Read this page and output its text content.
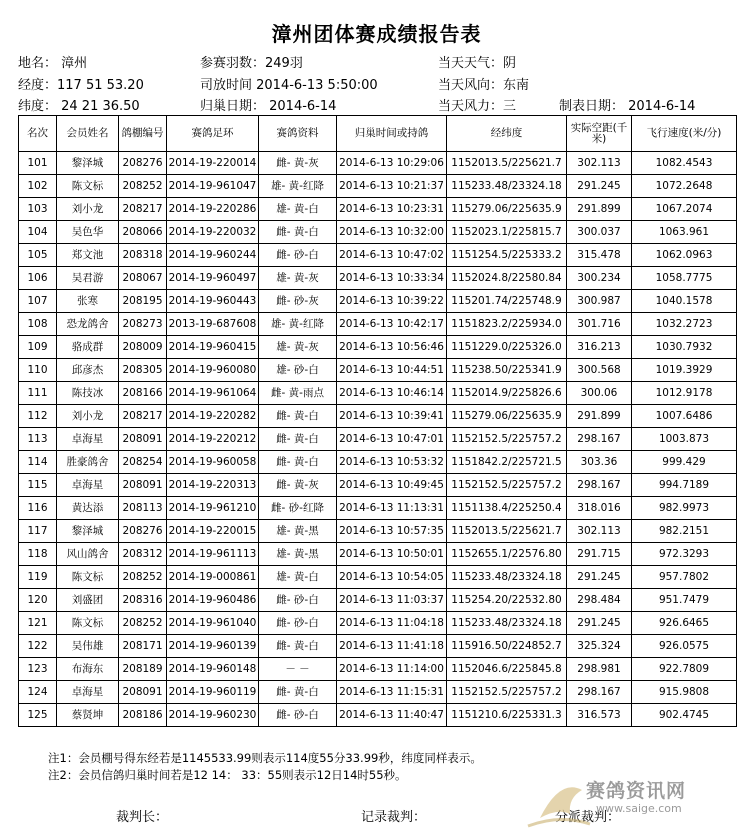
漳州团体赛成绩报告表
地名： 漳州
经度：117 51 53.20
纬度： 24 21 36.50
参赛羽数：249羽
司放时间 2014-6-13 5:50:00
归巢日期： 2014-6-14
当天天气：阴
当天风向：东南
当天风力：三	制表日期： 2014-6-14
名次	会员姓名	鸽棚编号	赛鸽足环	赛鸽资料	归巢时间或持鸽	经纬度	实际空距(千米)	飞行速度(米/分)
101	黎泽城	208276	2014-19-220014	雌- 黄-灰	2014-6-13 10:29:06	1152013.5/225621.7	302.113	1082.4543
102	陈文标	208252	2014-19-961047	雄- 黄-红降	2014-6-13 10:21:37	115233.48/23324.18	291.245	1072.2648
103	刘小龙	208217	2014-19-220286	雄- 黄-白	2014-6-13 10:23:31	115279.06/225635.9	291.899	1067.2074
104	吴色华	208066	2014-19-220032	雌- 黄-白	2014-6-13 10:32:00	1152023.1/225815.7	300.037	1063.961
105	郑文池	208318	2014-19-960244	雌- 砂-白	2014-6-13 10:47:02	1151254.5/225333.2	315.478	1062.0963
106	吴君游	208067	2014-19-960497	雄- 黄-灰	2014-6-13 10:33:34	1152024.8/22580.84	300.234	1058.7775
107	张寒	208195	2014-19-960443	雌- 砂-灰	2014-6-13 10:39:22	115201.74/225748.9	300.987	1040.1578
108	恐龙鸽舍	208273	2013-19-687608	雄- 黄-红降	2014-6-13 10:42:17	1151823.2/225934.0	301.716	1032.2723
109	骆成群	208009	2014-19-960415	雄- 黄-灰	2014-6-13 10:56:46	1151229.0/225326.0	316.213	1030.7932
110	邱彦杰	208305	2014-19-960080	雄- 砂-白	2014-6-13 10:44:51	115238.50/225341.9	300.568	1019.3929
111	陈技冰	208166	2014-19-961064	雌- 黄-雨点	2014-6-13 10:46:14	1152014.9/225826.6	300.06	1012.9178
112	刘小龙	208217	2014-19-220282	雌- 黄-白	2014-6-13 10:39:41	115279.06/225635.9	291.899	1007.6486
113	卓海星	208091	2014-19-220212	雌- 黄-白	2014-6-13 10:47:01	1152152.5/225757.2	298.167	1003.873
114	胜豪鸽舍	208254	2014-19-960058	雌- 黄-白	2014-6-13 10:53:32	1151842.2/225721.5	303.36	999.429
115	卓海星	208091	2014-19-220313	雌- 黄-灰	2014-6-13 10:49:45	1152152.5/225757.2	298.167	994.7189
116	黄达添	208113	2014-19-961210	雌- 砂-红降	2014-6-13 11:13:31	1151138.4/225250.4	318.016	982.9973
117	黎泽城	208276	2014-19-220015	雄- 黄-黑	2014-6-13 10:57:35	1152013.5/225621.7	302.113	982.2151
118	风山鸽舍	208312	2014-19-961113	雄- 黄-黑	2014-6-13 10:50:01	1152655.1/22576.80	291.715	972.3293
119	陈文标	208252	2014-19-000861	雄- 黄-白	2014-6-13 10:54:05	115233.48/23324.18	291.245	957.7802
120	刘盛团	208316	2014-19-960486	雌- 砂-白	2014-6-13 11:03:37	115254.20/22532.80	298.484	951.7479
121	陈文标	208252	2014-19-961040	雌- 砂-白	2014-6-13 11:04:18	115233.48/23324.18	291.245	926.6465
122	吴伟雄	208171	2014-19-960139	雌- 黄-白	2014-6-13 11:41:18	115916.50/224852.7	325.324	926.0575
123	布海东	208189	2014-19-960148	－ －	2014-6-13 11:14:00	1152046.6/225845.8	298.981	922.7809
124	卓海星	208091	2014-19-960119	雌- 黄-白	2014-6-13 11:15:31	1152152.5/225757.2	298.167	915.9808
125	蔡贤坤	208186	2014-19-960230	雌- 砂-白	2014-6-13 11:40:47	1151210.6/225331.3	316.573	902.4745
注1：会员棚号得东经若是1145533.99则表示114度55分33.99秒，纬度同样表示。
注2：会员信鸽归巢时间若是12 14： 33：55则表示12日14时55秒。
裁判长：	记录裁判：	分派裁判：
赛鸽资讯网
www.saige.com
